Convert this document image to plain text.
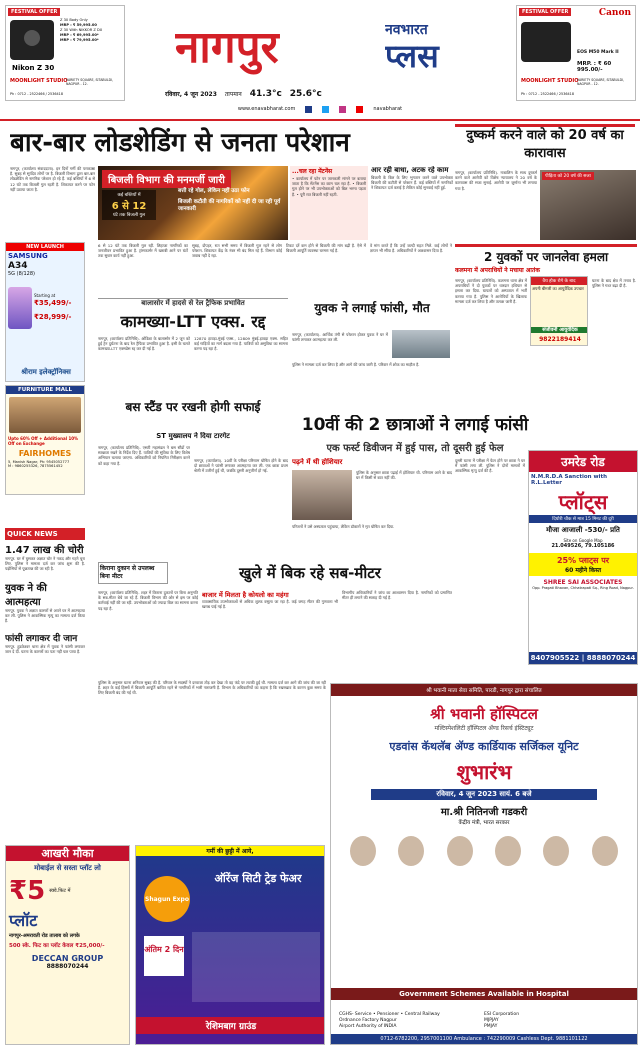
FESTIVAL OFFER
Nikon Z 30
Z 30 Body Only
MRP : ₹ 59,995.00
Z 30 With NIKKOR Z DX
MRP : ₹ 69,995.00*
MRP : ₹ 79,995.00*
MOONLIGHT STUDIO
VARIETY SQUARE, SITABULDI, NAGPUR - 12.
Ph : 0712 - 2522466 / 2536418
नागपुर	नवभारत
प्लस
रविवार, 4 जून 2023 तापमान 41.3°c 25.6°c
www.enavabharat.com	navabharat
FESTIVAL OFFER	Canon
EOS M50 Mark II
MRP. : ₹ 60 995.00/-
MOONLIGHT STUDIO
VARIETY SQUARE, SITABULDI, NAGPUR - 12.
Ph : 0712 - 2522466 / 2536418
बार-बार लोडशेडिंग से जनता परेशान
नागपुर, (कार्यालय संवाददाता). इन दिनों गर्मी की पराकाष्ठा है. सुबह से सूर्यदेव लोगों पर है. बिजली विभाग द्वारा बार-बार लोडशेडिंग से नागरिक परेशान हो रहे हैं. कई बस्तियों में 6 से 12 घंटे तक बिजली गुल रहती है. शिकायत करने पर फोन नहीं उठाया जाता है.
बिजली विभाग की मनमर्जी जारी
कई बस्तियों में
6 से 12
घंटे तक बिजली गुल
बत्ती रहे गोल, लेकिन नहीं उठा फोन
बिजली कटौती की नागरिकों को नहीं दी जा रही पूर्व जानकारी
...चल रहा मेंटनेंस
• कार्यालय में फोन पर जानकारी मांगने पर बताया जाता है कि मेंटनेंस का काम चल रहा है. • बिजली गुल होने पर भी उपभोक्ताओं को बिल भरना पड़ता है. • पूरी रात बिजली नहीं रहती.
आर रही बाधा, अटक रहे काम
बिजली के बिल के लिए भुगतान करने वाले उपभोक्ता बिजली की कटौती से परेशान हैं. कई बस्तियों में नागरिकों ने शिकायत दर्ज कराई है लेकिन कोई सुनवाई नहीं हुई.
दुष्कर्म करने वाले को 20 वर्ष का कारावास
नागपुर, (कार्यालय प्रतिनिधि). नाबालिग के साथ दुष्कर्म करने वाले आरोपी को विशेष न्यायालय ने 20 वर्ष के कारावास की सजा सुनाई. आरोपी पर जुर्माना भी लगाया गया है.
पीड़िता को 20 वर्ष की सजा
NEW LAUNCH
SAMSUNG
A34
5G (8/128)
Starting at
₹35,499/-
₹28,999/-
श्रीराम इलेक्ट्रॉनिक्स
6 से 12 घंटे तक बिजली गुल रही. लिहाजा नागरिकों का जनजीवन प्रभावित हुआ है. ट्रांसफार्मर में खराबी आने पर घंटों तक सुधार कार्य नहीं हुआ.
सुबह, दोपहर, रात सभी समय में बिजली गुल रहने से लोग परेशान. शिकायत केंद्र के नंबर भी बंद मिल रहे हैं. विभाग कोई जवाब नहीं दे रहा.
टिकट दरें कम होने से बिजली की मांग बढ़ी है. ऐसे में बिजली आपूर्ति व्यवस्था चरमरा गई है.
वे मांग करते हैं कि उन्हें जल्दी राहत मिले. कई लोगों ने ज्ञापन भी सौंपा है. अधिकारियों ने आश्वासन दिया है.
बालासोर में हादसे से रेल ट्रैफिक प्रभावित
कामख्या-LTT एक्स. रद्द
नागपुर, (कार्यालय प्रतिनिधि). ओडिशा के बालासोर में 2 जून को हुई ट्रेन दुर्घटना के बाद रेल ट्रैफिक प्रभावित हुआ है. इसी के चलते कामख्या-LTT एक्सप्रेस रद्द कर दी गई है.
12870 हावड़ा-मुंबई एक्स., 12809 मुंबई-हावड़ा एक्स. सहित कई गाड़ियों का मार्ग बदला गया है. यात्रियों को असुविधा का सामना करना पड़ रहा है.
युवक ने लगाई फांसी, मौत
नागपुर, (कार्यालय). आर्थिक तंगी से परेशान होकर युवक ने घर में फांसी लगाकर आत्महत्या कर ली.
पुलिस ने मामला दर्ज कर लिया है और आगे की जांच जारी है. परिवार में शोक का माहौल है.
2 युवकों पर जानलेवा हमला
कलमना में अपराधियों ने मचाया आतंक
नागपुर, (कार्यालय प्रतिनिधि). कलमना थाना क्षेत्र में अपराधियों ने दो युवकों पर धारदार हथियार से हमला कर दिया. घायलों को अस्पताल में भर्ती कराया गया है. पुलिस ने आरोपियों के खिलाफ मामला दर्ज कर लिया है और तलाश जारी है.
वैध होक रोगे के बाद
अपनी बीमारी का आयुर्वेदिक उपचार
संजीवनी आयुर्वेदिक
9822189414
घटना के बाद क्षेत्र में तनाव है. पुलिस ने गश्त बढ़ा दी है.
FURNITURE MALL
Upto 60% Off + Additional 10% Off on Exchange
FAIRHOMES
5, Manish Nagar, Ph: 9545052777
M : 9860255326, 7875561452
QUICK NEWS
1.47 लाख की चोरी
नागपुर. घर में घुसकर अज्ञात चोर ने नकद और गहने चुरा लिए. पुलिस ने मामला दर्ज कर जांच शुरू की है. पड़ोसियों से पूछताछ की जा रही है.
युवक ने की आत्महत्या
नागपुर. युवक ने अज्ञात कारणों से अपने घर में आत्महत्या कर ली. पुलिस ने आकस्मिक मृत्यु का मामला दर्ज किया है.
फांसी लगाकर दी जान
नागपुर. हुडकेश्वर थाना क्षेत्र में युवक ने फांसी लगाकर जान दे दी. घटना के कारणों का पता नहीं चल पाया है.
बस स्टैंड पर रखनी होगी सफाई
ST मुख्यालय ने दिया टारगेट
10वीं की 2 छात्राओं ने लगाई फांसी
एक फर्स्ट डिवीजन में हुई पास, तो दूसरी हुई फेल
नागपुर, (कार्यालय प्रतिनिधि). एसटी महामंडल ने बस स्टैंडों पर स्वच्छता रखने के निर्देश दिए हैं. यात्रियों की सुविधा के लिए विशेष अभियान चलाया जाएगा. अधिकारियों को नियमित निरीक्षण करने को कहा गया है.
नागपुर, (कार्यालय). 10वीं के परीक्षा परिणाम घोषित होने के बाद दो छात्राओं ने फांसी लगाकर आत्महत्या कर ली. एक छात्रा प्रथम श्रेणी में उत्तीर्ण हुई थी, जबकि दूसरी अनुत्तीर्ण हो गई.
पढ़ने में थी होशियार
पुलिस के अनुसार छात्रा पढ़ाई में होशियार थी. परिणाम आने के बाद घर में किसी से बात नहीं की.
परिजनों ने उसे अस्पताल पहुंचाया, लेकिन डॉक्टरों ने मृत घोषित कर दिया.
दूसरी घटना में परीक्षा में फेल होने पर छात्रा ने घर में फांसी लगा ली. पुलिस ने दोनों मामलों में आकस्मिक मृत्यु दर्ज की है.
उमरेड रोड
N.M.R.D.A Sanction with R.L.Letter
प्लॉट्स
दिघोरी चौक से मात्र 15 मिनट की दूरी
मौजा आजाली -530/- प्रति
Site on Google Map
21.049526, 79.105186
25% प्लाट्स पर
60 महीने किस्त
SHREE SAI ASSOCIATES
Opp. Pragati Bhavan, Chhatrapati Sq., Ring Road, Nagpur.
8407905522 | 8888070244
किराना दुकान से उपलब्ध बिना मीटर	खुले में बिक रहे सब-मीटर
नागपुर, (कार्यालय प्रतिनिधि). शहर में किराना दुकानों पर बिना अनुमति के सब-मीटर बेचे जा रहे हैं. बिजली विभाग की ओर से इस पर कोई कार्रवाई नहीं की जा रही. उपभोक्ताओं को ज्यादा बिल का सामना करना पड़ रहा है.
बाजार में मिलता है कोयलो का महंगा
व्यावसायिक उपभोक्ताओं से अधिक शुल्क वसूला जा रहा है. कई जगह मीटर की गुणवत्ता भी खराब पाई गई है.
विभागीय अधिकारियों ने जांच का आश्वासन दिया है. नागरिकों को प्रमाणित मीटर ही लगाने की सलाह दी गई है.
आखरी मौका
मोबाईल से सस्ता प्लॉट लो
₹5 स्क्वे.फिट में
प्लॉट
नागपुर-अमरावती रोड तालाब को लगके
500 स्के. फिट का प्लॉट केवल ₹25,000/-
DECCAN GROUP
8888070244
गर्मी की छुट्टी में आये,
Shagun Expo
ऑरेंज सिटी ट्रेड फेअर
अंतिम 2 दिन
रेशिमबाग ग्राउंड
श्री भवानी माता सेवा समिति, पारडी, नागपुर द्वारा संचालित
श्री भवानी हॉस्पिटल
मल्टिस्पेशलिटी हॉस्पिटल ॲण्ड रिसर्च इंस्टिट्यूट
एडवांस कॅथलॅब ॲण्ड कार्डियाक सर्जिकल यूनिट
शुभारंभ
रविवार, 4 जून 2023 सायं. 6 बजे
मा.श्री नितिनजी गडकरी
केंद्रीय मंत्री, भारत सरकार
Government Schemes Available in Hospital
CGHS- Service • Pensioner • Central Railway	ESI Corporation
Ordnance Factory Nagpur	MJPJAY
Airport Authority of INDIA	PMJAY
0712-6782200, 2957001100 Ambulance : 742290009 Cashless Dept. 9881101122
पुलिस के अनुसार घटना शनिवार सुबह की है. परिवार के सदस्यों ने दरवाजा तोड़ कर देखा तो वह फंदे पर लटकी हुई थी. मामला दर्ज कर आगे की जांच की जा रही है. शहर के कई हिस्सों में बिजली आपूर्ति बाधित रहने से नागरिकों में भारी नाराजगी है. विभाग के अधिकारियों का कहना है कि रखरखाव के कारण कुछ समय के लिए बिजली बंद की गई थी.
